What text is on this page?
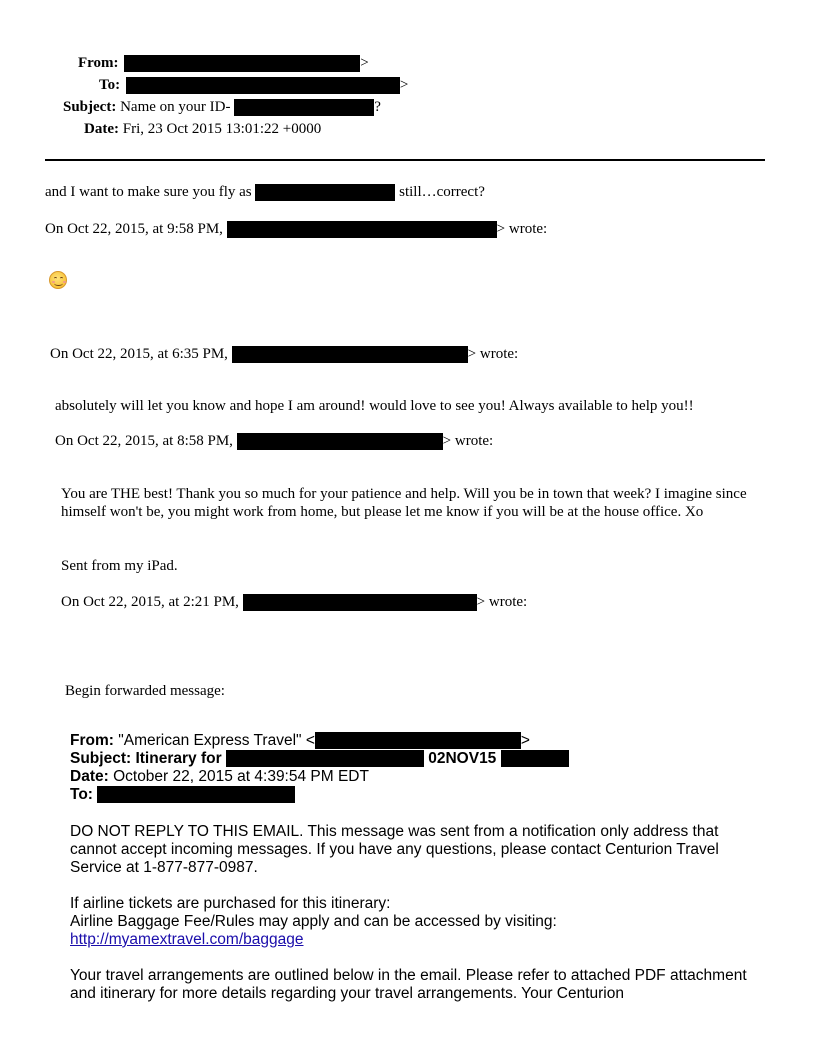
From:	>
To:	>
Subject: Name on your ID-	?
Date: Fri, 23 Oct 2015 13:01:22 +0000
and I want to make sure you fly as	still…correct?
On Oct 22, 2015, at 9:58 PM,	> wrote:
On Oct 22, 2015, at 6:35 PM,	> wrote:
absolutely will let you know and hope I am around! would love to see you! Always available to help you!!
On Oct 22, 2015, at 8:58 PM,	> wrote:
You are THE best! Thank you so much for your patience and help. Will you be in town that week? I imagine since himself won't be, you might work from home, but please let me know if you will be at the house office. Xo
Sent from my iPad.
On Oct 22, 2015, at 2:21 PM,	> wrote:
Begin forwarded message:
From: "American Express Travel" <	>
Subject: Itinerary for	02NOV15
Date: October 22, 2015 at 4:39:54 PM EDT
To:
DO NOT REPLY TO THIS EMAIL. This message was sent from a notification only address that cannot accept incoming messages. If you have any questions, please contact Centurion Travel Service at 1-877-877-0987.
If airline tickets are purchased for this itinerary:
Airline Baggage Fee/Rules may apply and can be accessed by visiting:
http://myamextravel.com/baggage
Your travel arrangements are outlined below in the email. Please refer to attached PDF attachment and itinerary for more details regarding your travel arrangements. Your Centurion
